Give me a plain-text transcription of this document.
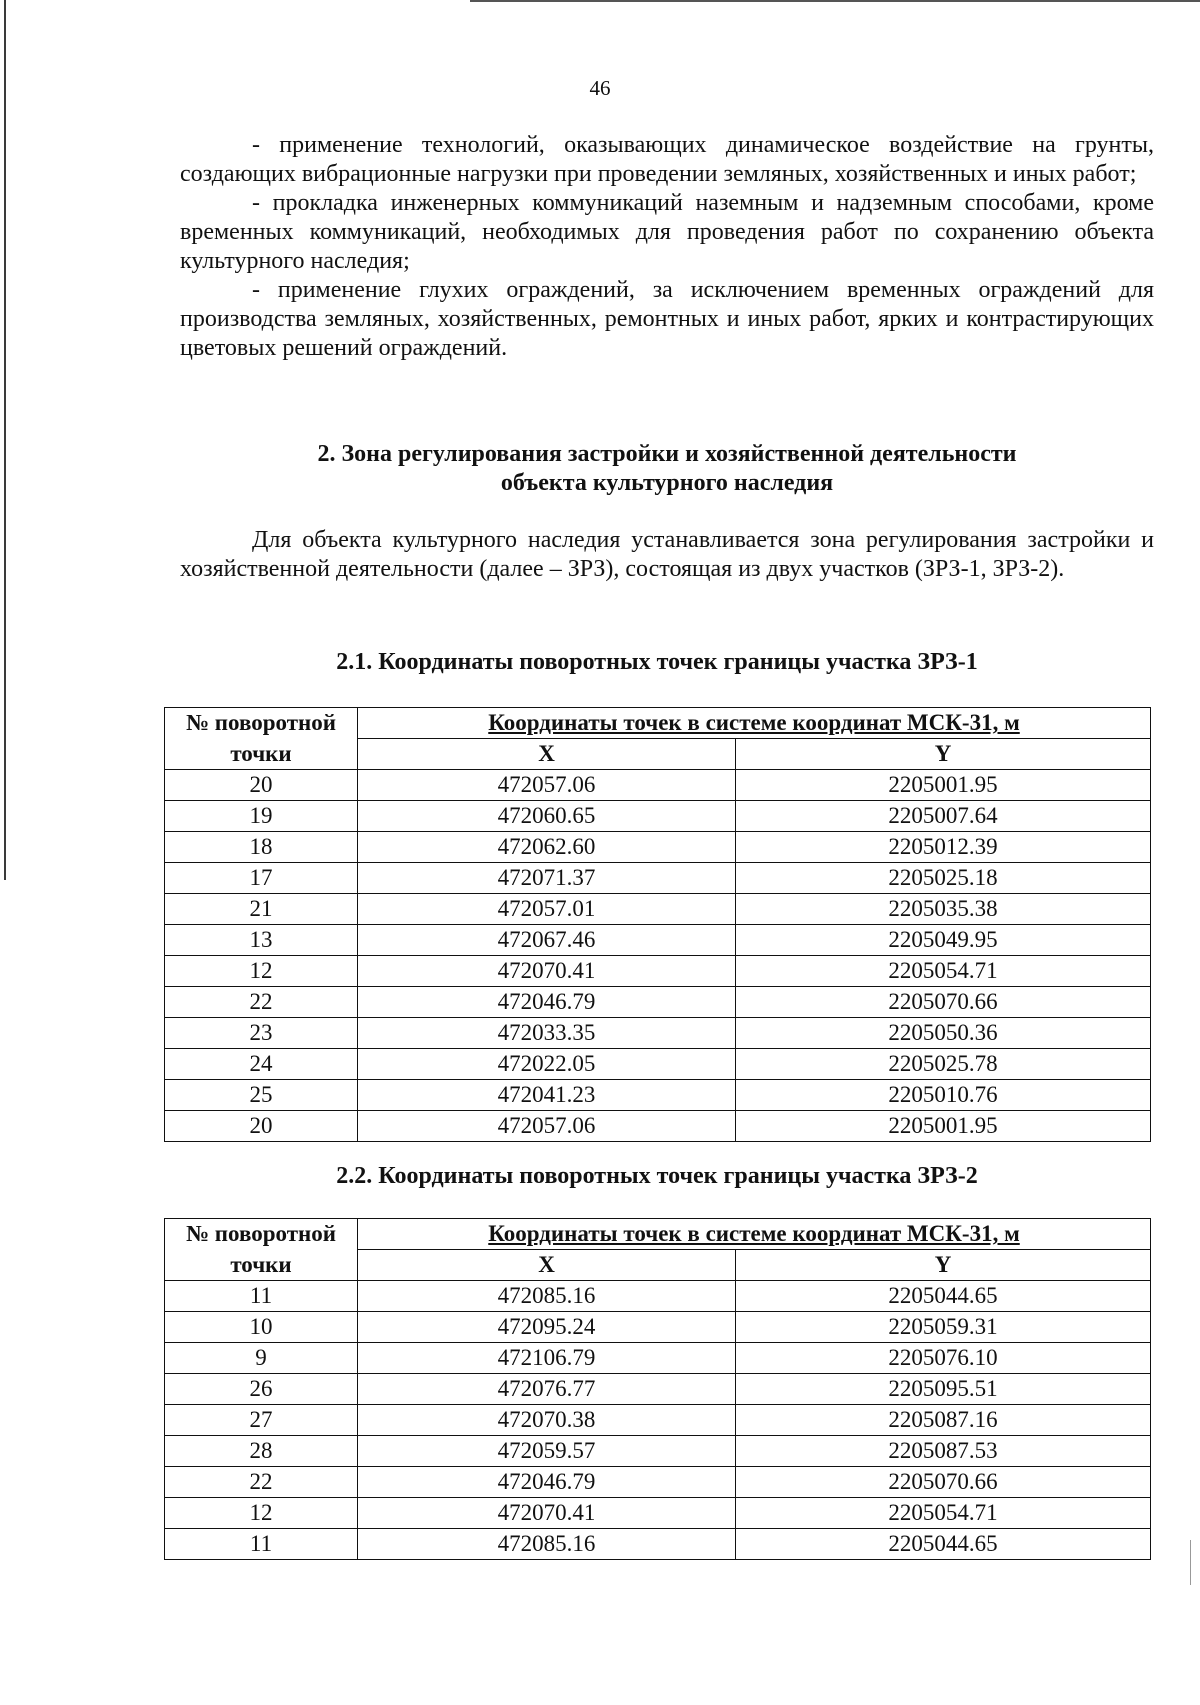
46

- применение технологий, оказывающих динамическое воздействие на грунты, создающих вибрационные нагрузки при проведении земляных, хозяйственных и иных работ;

- прокладка инженерных коммуникаций наземным и надземным способами, кроме временных коммуникаций, необходимых для проведения работ по сохранению объекта культурного наследия;

- применение глухих ограждений, за исключением временных ограждений для производства земляных, хозяйственных, ремонтных и иных работ, ярких и контрастирующих цветовых решений ограждений.

2. Зона регулирования застройки и хозяйственной деятельности
объекта культурного наследия

Для объекта культурного наследия устанавливается зона регулирования застройки и хозяйственной деятельности (далее – ЗРЗ), состоящая из двух участков (ЗРЗ-1, ЗРЗ-2).

2.1. Координаты поворотных точек границы участка ЗРЗ-1
№ поворотной	Координаты точек в системе координат МСК-31, м	
точки	X	Y
20	472057.06	2205001.95
19	472060.65	2205007.64
18	472062.60	2205012.39
17	472071.37	2205025.18
21	472057.01	2205035.38
13	472067.46	2205049.95
12	472070.41	2205054.71
22	472046.79	2205070.66
23	472033.35	2205050.36
24	472022.05	2205025.78
25	472041.23	2205010.76
20	472057.06	2205001.95
2.2. Координаты поворотных точек границы участка ЗРЗ-2
№ поворотной	Координаты точек в системе координат МСК-31, м	
точки	X	Y
11	472085.16	2205044.65
10	472095.24	2205059.31
9	472106.79	2205076.10
26	472076.77	2205095.51
27	472070.38	2205087.16
28	472059.57	2205087.53
22	472046.79	2205070.66
12	472070.41	2205054.71
11	472085.16	2205044.65
